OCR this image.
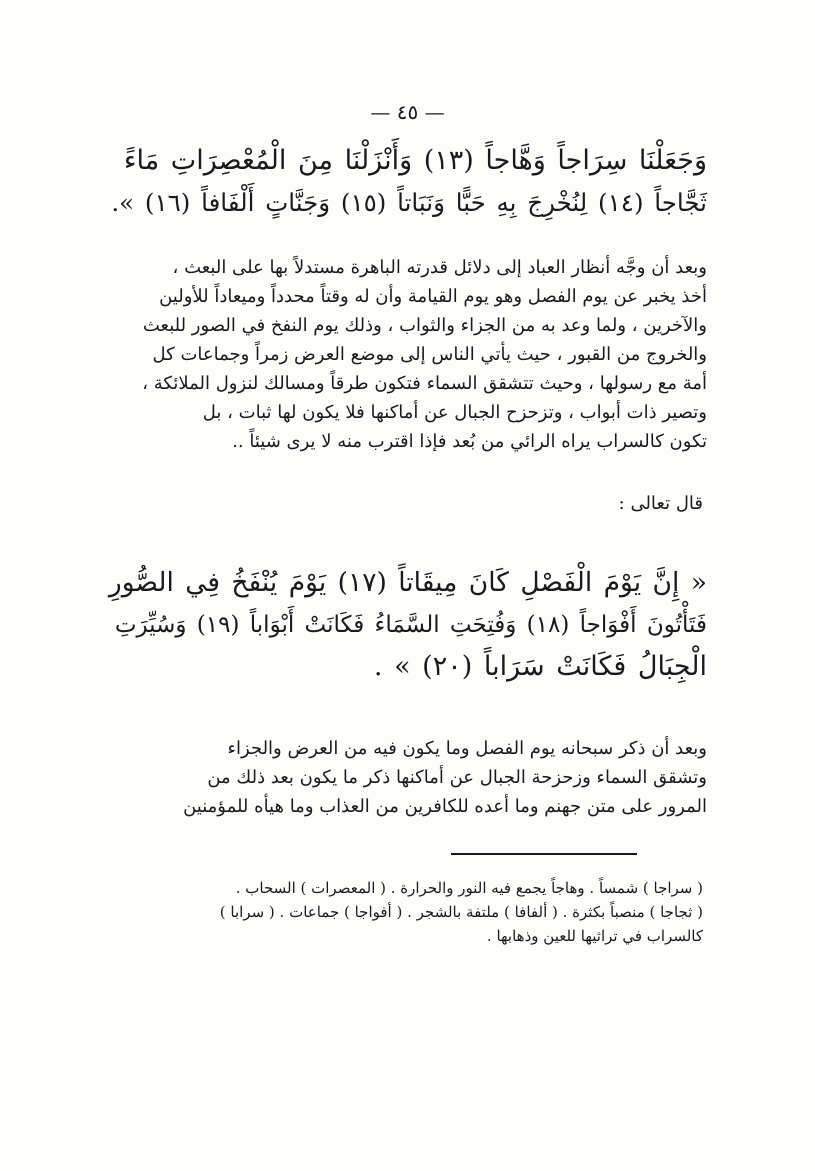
— ٤٥ —
وَجَعَلْنَا سِرَاجاً وَهَّاجاً (١٣) وَأَنْزَلْنَا مِنَ الْمُعْصِرَاتِ مَاءً
ثَجَّاجاً (١٤) لِنُخْرِجَ بِهِ حَبًّا وَنَبَاتاً (١٥) وَجَنَّاتٍ أَلْفَافاً (١٦) ».
وبعد أن وجَّه أنظار العباد إلى دلائل قدرته الباهرة مستدلاً بها على البعث ،
أخذ يخبر عن يوم الفصل وهو يوم القيامة وأن له وقتاً محدداً وميعاداً للأولين
والآخرين ، ولما وعد به من الجزاء والثواب ، وذلك يوم النفخ في الصور للبعث
والخروج من القبور ، حيث يأتي الناس إلى موضع العرض زمراً وجماعات كل
أمة مع رسولها ، وحيث تتشقق السماء فتكون طرقاً ومسالك لنزول الملائكة ،
وتصير ذات أبواب ، وتزحزح الجبال عن أماكنها فلا يكون لها ثبات ، بل
تكون كالسراب يراه الرائي من بُعد فإذا اقترب منه لا يرى شيئاً ..
قال تعالى :
« إِنَّ يَوْمَ الْفَصْلِ كَانَ مِيقَاتاً (١٧) يَوْمَ يُنْفَخُ فِي الصُّورِ
فَتَأْتُونَ أَفْوَاجاً (١٨) وَفُتِحَتِ السَّمَاءُ فَكَانَتْ أَبْوَاباً (١٩) وَسُيِّرَتِ
الْجِبَالُ فَكَانَتْ سَرَاباً (٢٠) » .
وبعد أن ذكر سبحانه يوم الفصل وما يكون فيه من العرض والجزاء
وتشقق السماء وزحزحة الجبال عن أماكنها ذكر ما يكون بعد ذلك من
المرور على متن جهنم وما أعده للكافرين من العذاب وما هيأه للمؤمنين
( سراجا ) شمساً . وهاجاً يجمع فيه النور والحرارة . ( المعصرات ) السحاب .
( ثجاجا ) منصباً بكثرة . ( ألفافا ) ملتفة بالشجر . ( أفواجا ) جماعات . ( سرابا )
كالسراب في تراثيها للعين وذهابها .
